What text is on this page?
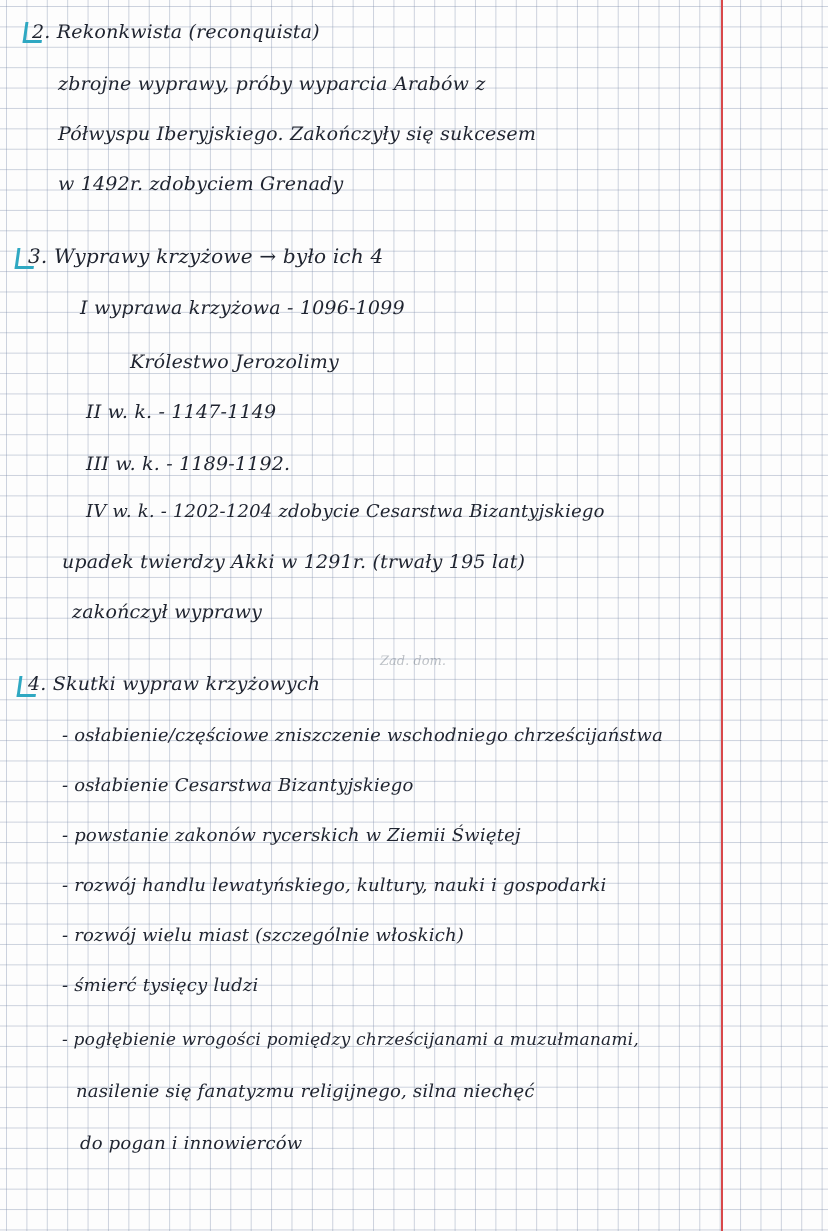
2. Rekonkwista (reconquista)
zbrojne wyprawy, próby wyparcia Arabów z
Półwyspu Iberyjskiego. Zakończyły się sukcesem
w 1492r. zdobyciem Grenady
3. Wyprawy krzyżowe → było ich 4
I wyprawa krzyżowa - 1096-1099
Królestwo Jerozolimy
II w. k. - 1147-1149
III w. k. - 1189-1192.
IV w. k. - 1202-1204 zdobycie Cesarstwa Bizantyjskiego
upadek twierdzy Akki w 1291r. (trwały 195 lat)
zakończył wyprawy
Zad. dom.
4. Skutki wypraw krzyżowych
- osłabienie/częściowe zniszczenie wschodniego chrześcijaństwa
- osłabienie Cesarstwa Bizantyjskiego
- powstanie zakonów rycerskich w Ziemii Świętej
- rozwój handlu lewatyńskiego, kultury, nauki i gospodarki
- rozwój wielu miast (szczególnie włoskich)
- śmierć tysięcy ludzi
- pogłębienie wrogości pomiędzy chrześcijanami a muzułmanami,
nasilenie się fanatyzmu religijnego, silna niechęć
do pogan i innowierców
